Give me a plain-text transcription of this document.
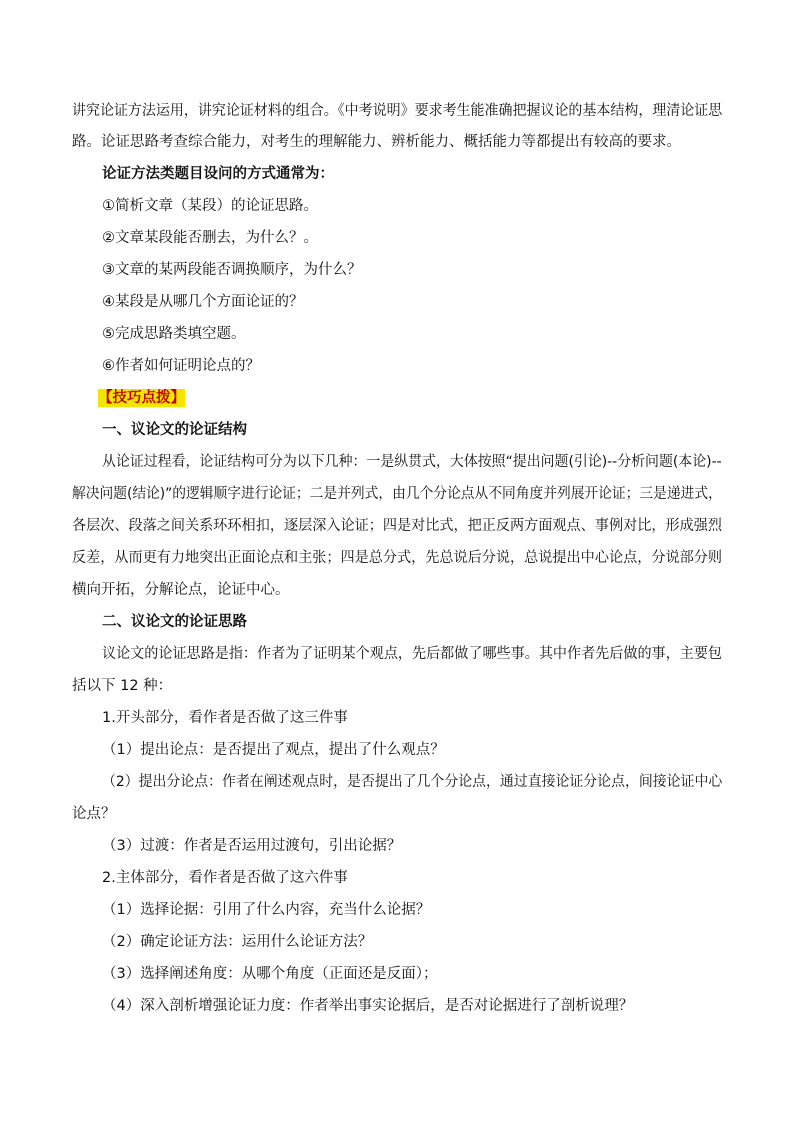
讲究论证方法运用，讲究论证材料的组合。《中考说明》要求考生能准确把握议论的基本结构，理清论证思
路。论证思路考查综合能力，对考生的理解能力、辨析能力、概括能力等都提出有较高的要求。
论证方法类题目设问的方式通常为：
①简析文章（某段）的论证思路。
②文章某段能否删去，为什么？。
③文章的某两段能否调换顺序，为什么？
④某段是从哪几个方面论证的？
⑤完成思路类填空题。
⑥作者如何证明论点的？
【技巧点拨】
一、议论文的论证结构
从论证过程看，论证结构可分为以下几种：一是纵贯式，大体按照“提出问题(引论)--分析问题(本论)--
解决问题(结论)”的逻辑顺字进行论证；二是并列式，由几个分论点从不同角度并列展开论证；三是递进式，
各层次、段落之间关系环环相扣，逐层深入论证；四是对比式，把正反两方面观点、事例对比，形成强烈
反差，从而更有力地突出正面论点和主张；四是总分式，先总说后分说，总说提出中心论点，分说部分则
横向开拓，分解论点，论证中心。
二、议论文的论证思路
议论文的论证思路是指：作者为了证明某个观点，先后都做了哪些事。其中作者先后做的事，主要包
括以下 12 种：
1.开头部分，看作者是否做了这三件事
（1）提出论点：是否提出了观点，提出了什么观点？
（2）提出分论点：作者在阐述观点时，是否提出了几个分论点，通过直接论证分论点，间接论证中心
论点？
（3）过渡：作者是否运用过渡句，引出论据？
2.主体部分，看作者是否做了这六件事
（1）选择论据：引用了什么内容，充当什么论据？
（2）确定论证方法：运用什么论证方法？
（3）选择阐述角度：从哪个角度（正面还是反面）；
（4）深入剖析增强论证力度：作者举出事实论据后，是否对论据进行了剖析说理？
